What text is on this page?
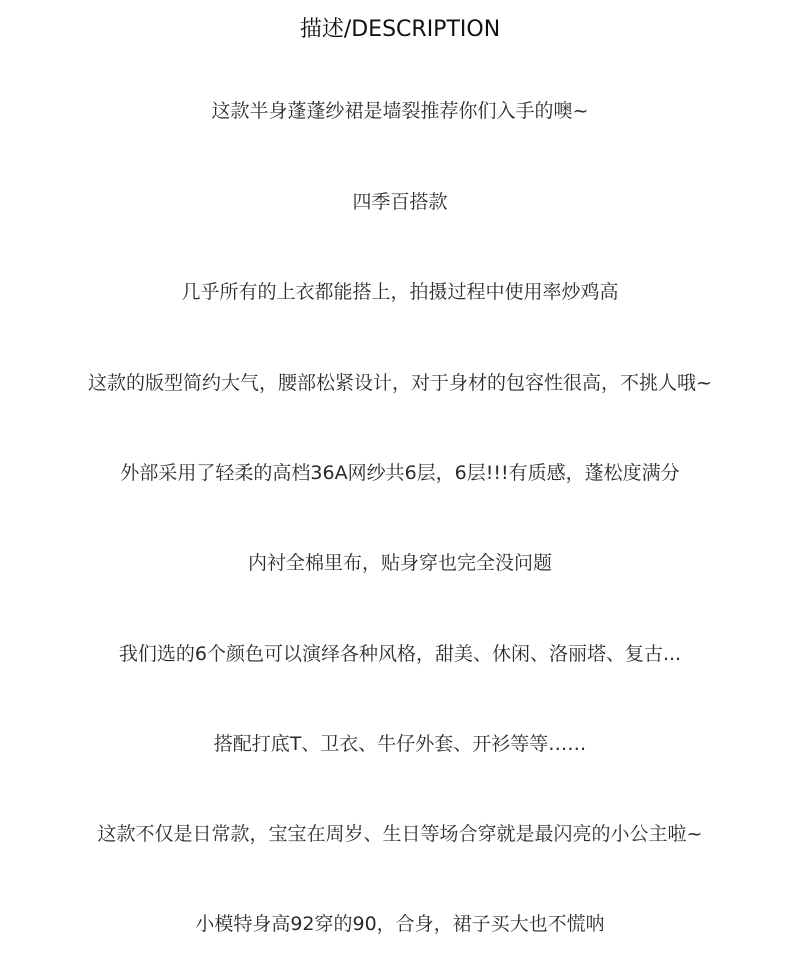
描述/DESCRIPTION
这款半身蓬蓬纱裙是墙裂推荐你们入手的噢~
四季百搭款
几乎所有的上衣都能搭上，拍摄过程中使用率炒鸡高
这款的版型简约大气，腰部松紧设计，对于身材的包容性很高，不挑人哦~
外部采用了轻柔的高档36A网纱共6层，6层!!!有质感，蓬松度满分
内衬全棉里布，贴身穿也完全没问题
我们选的6个颜色可以演绎各种风格，甜美、休闲、洛丽塔、复古...
搭配打底T、卫衣、牛仔外套、开衫等等……
这款不仅是日常款，宝宝在周岁、生日等场合穿就是最闪亮的小公主啦~
小模特身高92穿的90，合身，裙子买大也不慌呐
